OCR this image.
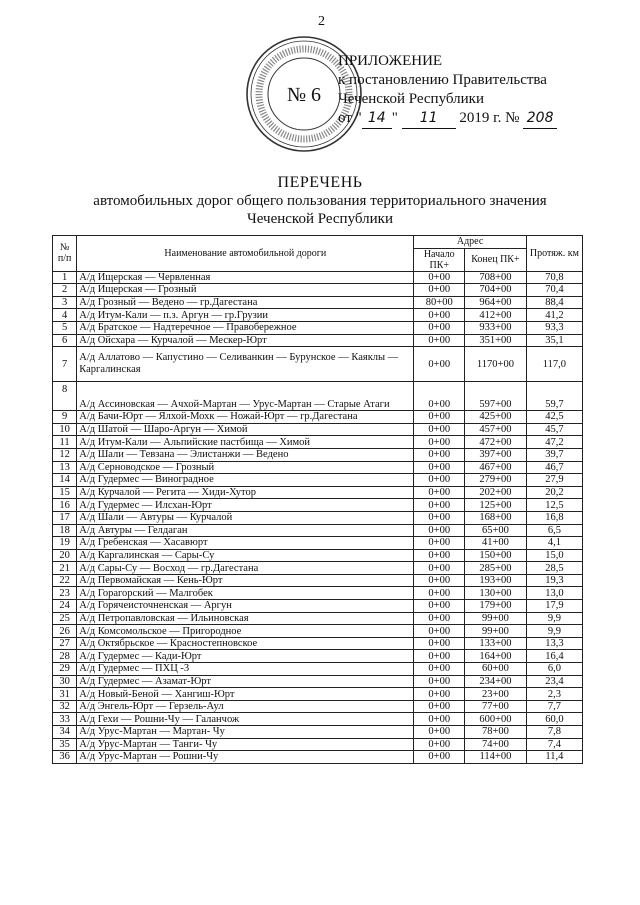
2
№ 6
ПРИЛОЖЕНИЕ
к постановлению Правительства
Чеченской Республики
от " 14 " 11 2019 г. № 208
ПЕРЕЧЕНЬ
автомобильных дорог общего пользования территориального значения
Чеченской Республики
№ п/п	Наименование автомобильной дороги	Адрес		Протяж. км
		Начало ПК+	Конец ПК+	
1	А/д Ищерская — Червленная	0+00	708+00	70,8
2	А/д Ищерская — Грозный	0+00	704+00	70,4
3	А/д Грозный — Ведено — гр.Дагестана	80+00	964+00	88,4
4	А/д Итум-Кали — п.з. Аргун — гр.Грузии	0+00	412+00	41,2
5	А/д Братское — Надтеречное — Правобережное	0+00	933+00	93,3
6	А/д Ойсхара — Курчалой — Мескер-Юрт	0+00	351+00	35,1
7	А/д Аллатово — Капустино — Селиванкин — Бурунское — Каяклы — Каргалинская	0+00	1170+00	117,0
8	А/д Ассиновская — Ачхой-Мартан — Урус-Мартан — Старые Атаги	0+00	597+00	59,7
9	А/д Бачи-Юрт — Ялхой-Мохк — Ножай-Юрт — гр.Дагестана	0+00	425+00	42,5
10	А/д Шатой — Шаро-Аргун — Химой	0+00	457+00	45,7
11	А/д Итум-Кали — Альпийские пастбища — Химой	0+00	472+00	47,2
12	А/д Шали — Тевзана — Элистанжи — Ведено	0+00	397+00	39,7
13	А/д Серноводское — Грозный	0+00	467+00	46,7
14	А/д Гудермес — Виноградное	0+00	279+00	27,9
15	А/д Курчалой — Регита — Хиди-Хутор	0+00	202+00	20,2
16	А/д Гудермес — Илсхан-Юрт	0+00	125+00	12,5
17	А/д Шали — Автуры — Курчалой	0+00	168+00	16,8
18	А/д Автуры — Гелдаган	0+00	65+00	6,5
19	А/д Гребенская — Хасавюрт	0+00	41+00	4,1
20	А/д Каргалинская — Сары-Су	0+00	150+00	15,0
21	А/д Сары-Су — Восход — гр.Дагестана	0+00	285+00	28,5
22	А/д Первомайская — Кень-Юрт	0+00	193+00	19,3
23	А/д Горагорский — Малгобек	0+00	130+00	13,0
24	А/д Горячеисточненская — Аргун	0+00	179+00	17,9
25	А/д Петропавловская — Ильиновская	0+00	99+00	9,9
26	А/д Комсомольское — Пригородное	0+00	99+00	9,9
27	А/д Октябрьское — Красностепновское	0+00	133+00	13,3
28	А/д Гудермес — Кади-Юрт	0+00	164+00	16,4
29	А/д Гудермес — ПХЦ -3	0+00	60+00	6,0
30	А/д Гудермес — Азамат-Юрт	0+00	234+00	23,4
31	А/д Новый-Беной — Хангиш-Юрт	0+00	23+00	2,3
32	А/д Энгель-Юрт — Герзель-Аул	0+00	77+00	7,7
33	А/д Гехи — Рошни-Чу — Галанчож	0+00	600+00	60,0
34	А/д Урус-Мартан — Мартан- Чу	0+00	78+00	7,8
35	А/д Урус-Мартан — Танги- Чу	0+00	74+00	7,4
36	А/д Урус-Мартан — Рошни-Чу	0+00	114+00	11,4
